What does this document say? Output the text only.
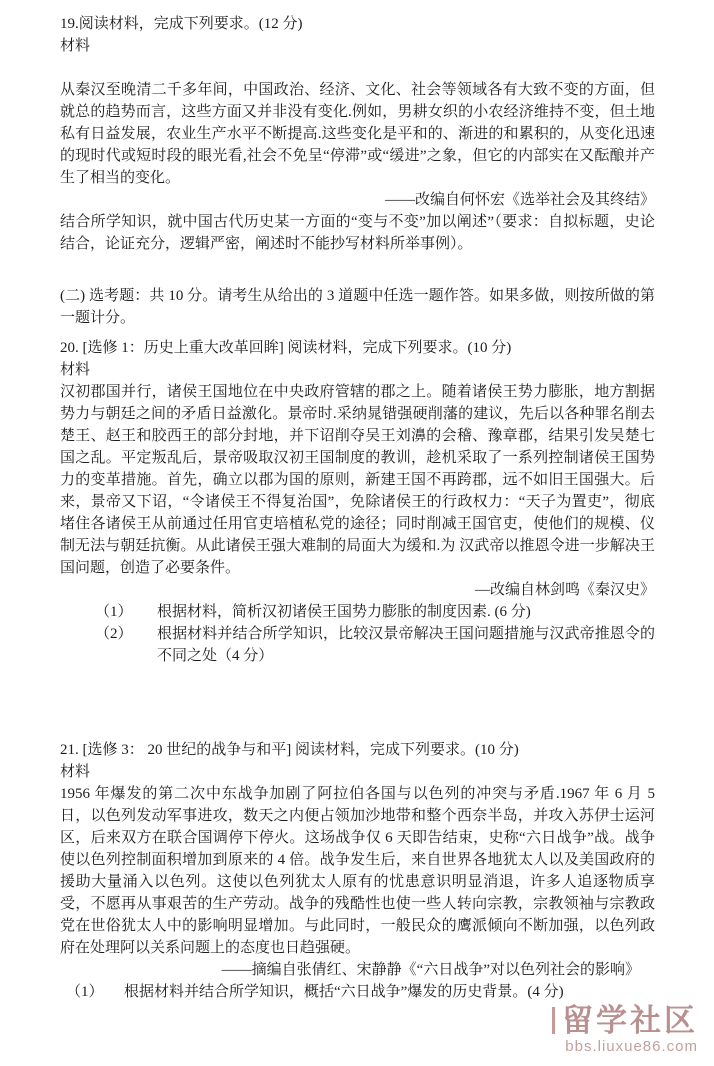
19.阅读材料，完成下列要求。(12 分)

材料

从秦汉至晚清二千多年间，中国政治、经济、文化、社会等领域各有大致不变的方面，但就总的趋势而言，这些方面又并非没有变化.例如，男耕女织的小农经济维持不变，但土地私有日益发展，农业生产水平不断提高.这些变化是平和的、渐进的和累积的，从变化迅速的现时代或短时段的眼光看,社会不免呈“停滞”或“缓进”之象，但它的内部实在又酝酿并产生了相当的变化。

——改编自何怀宏《选举社会及其终结》

结合所学知识，就中国古代历史某一方面的“变与不变”加以阐述”（要求：自拟标题，史论结合，论证充分，逻辑严密，阐述时不能抄写材料所举事例）。

(二) 选考题：共 10 分。请考生从给出的 3 道题中任选一题作答。如果多做，则按所做的第一题计分。

20. [选修 1：历史上重大改革回眸] 阅读材料，完成下列要求。(10 分)

材料

汉初郡国并行，诸侯王国地位在中央政府管辖的郡之上。随着诸侯王势力膨胀，地方割据势力与朝廷之间的矛盾日益激化。景帝时.采纳晁错强硬削藩的建议，先后以各种罪名削去楚王、赵王和胶西王的部分封地，并下诏削夺吴王刘濞的会稽、豫章郡，结果引发吴楚七国之乱。平定叛乱后，景帝吸取汉初王国制度的教训，趁机采取了一系列控制诸侯王国势力的变革措施。首先，确立以郡为国的原则，新建王国不再跨郡，远不如旧王国强大。后来，景帝又下诏，“令诸侯王不得复治国”，免除诸侯王的行政权力：“天子为置吏”，彻底堵住各诸侯王从前通过任用官吏培植私党的途径；同时削减王国官吏，使他们的规模、仪制无法与朝廷抗衡。从此诸侯王强大难制的局面大为缓和.为 汉武帝以推恩令进一步解决王国问题，创造了必要条件。

—改编自林剑鸣《秦汉史》

（1）	根据材料，简析汉初诸侯王国势力膨胀的制度因素. (6 分)
（2）	根据材料并结合所学知识，比较汉景帝解决王国问题措施与汉武帝推恩令的不同之处（4 分）

21. [选修 3： 20 世纪的战争与和平] 阅读材料，完成下列要求。(10 分)

材料

1956 年爆发的第二次中东战争加剧了阿拉伯各国与以色列的冲突与矛盾.1967 年 6 月 5 日，以色列发动军事进攻，数天之内便占领加沙地带和整个西奈半岛，并攻入苏伊士运河区，后来双方在联合国调停下停火。这场战争仅 6 天即告结束，史称“六日战争”战。战争使以色列控制面积增加到原来的 4 倍。战争发生后，来自世界各地犹太人以及美国政府的援助大量涌入以色列。这使以色列犹太人原有的忧患意识明显消退，许多人追逐物质享受，不愿再从事艰苦的生产劳动。战争的残酷性也使一些人转向宗教，宗教领袖与宗教政党在世俗犹太人中的影响明显增加。与此同时，一般民众的鹰派倾向不断加强，以色列政府在处理阿以关系问题上的态度也日趋强硬。

——摘编自张倩红、宋静静《“六日战争”对以色列社会的影响》

（1）	根据材料并结合所学知识，概括“六日战争”爆发的历史背景。(4 分)
留学社区
bbs.liuxue86.com
